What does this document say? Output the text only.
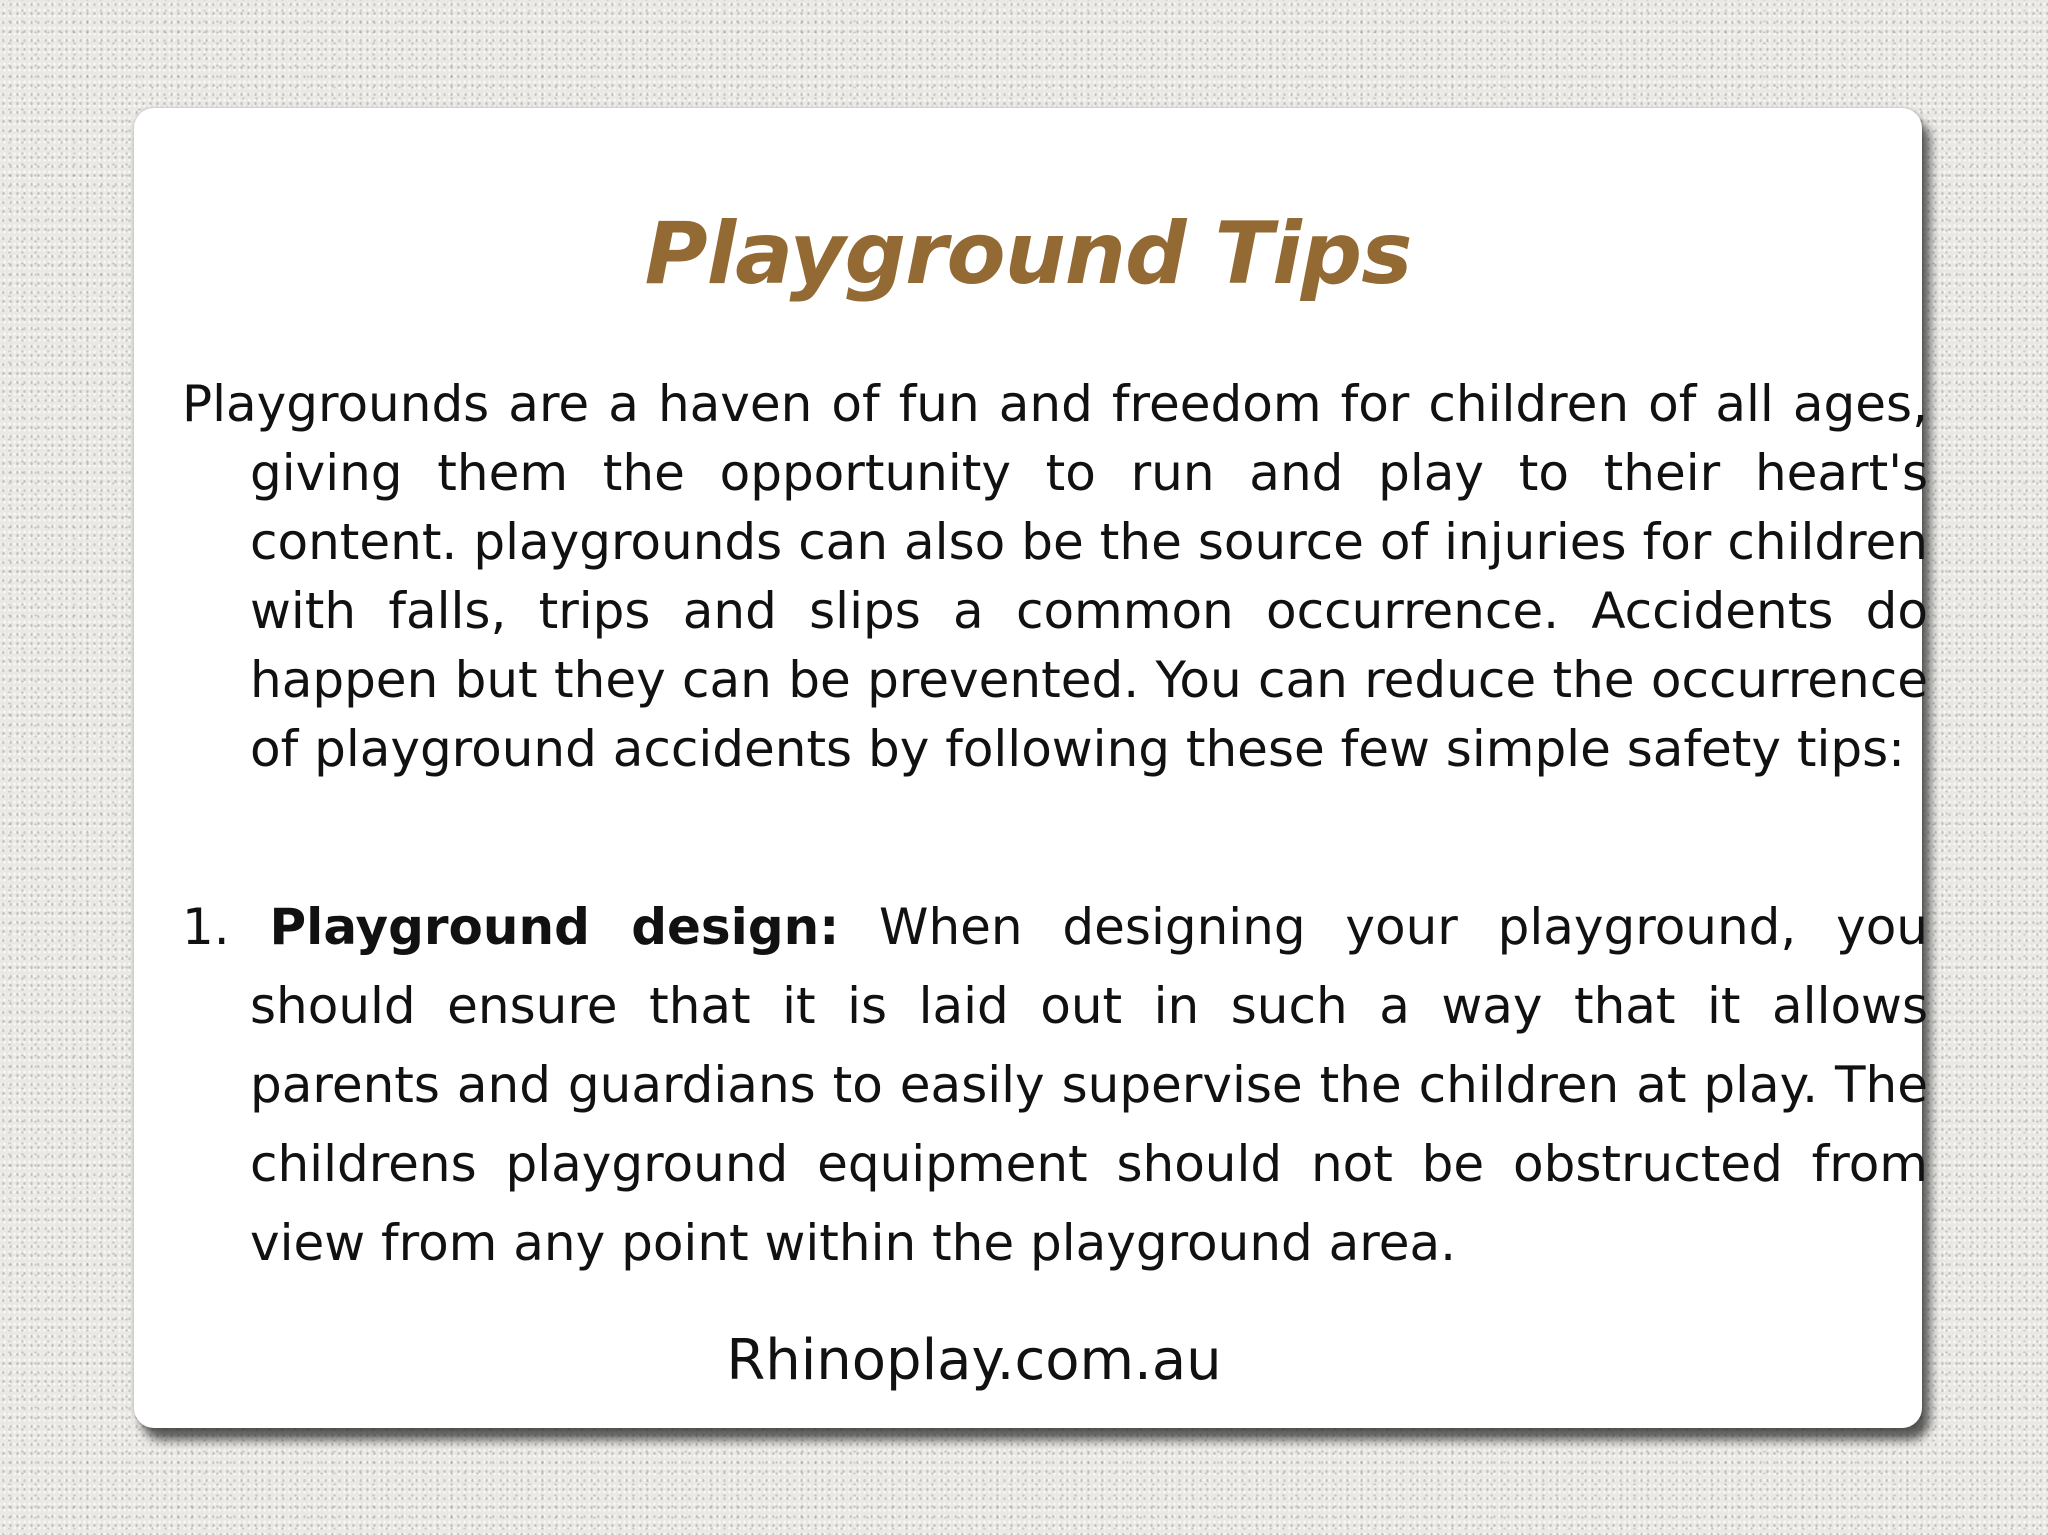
Playground Tips

Playgrounds are a haven of fun and freedom for children of all ages, giving them the opportunity to run and play to their heart's content. playgrounds can also be the source of injuries for children with falls, trips and slips a common occurrence. Accidents do happen but they can be prevented. You can reduce the occurrence of playground accidents by following these few simple safety tips:

1. Playground design: When designing your playground, you should ensure that it is laid out in such a way that it allows parents and guardians to easily supervise the children at play. The childrens playground equipment should not be obstructed from view from any point within the playground area.

Rhinoplay.com.au
